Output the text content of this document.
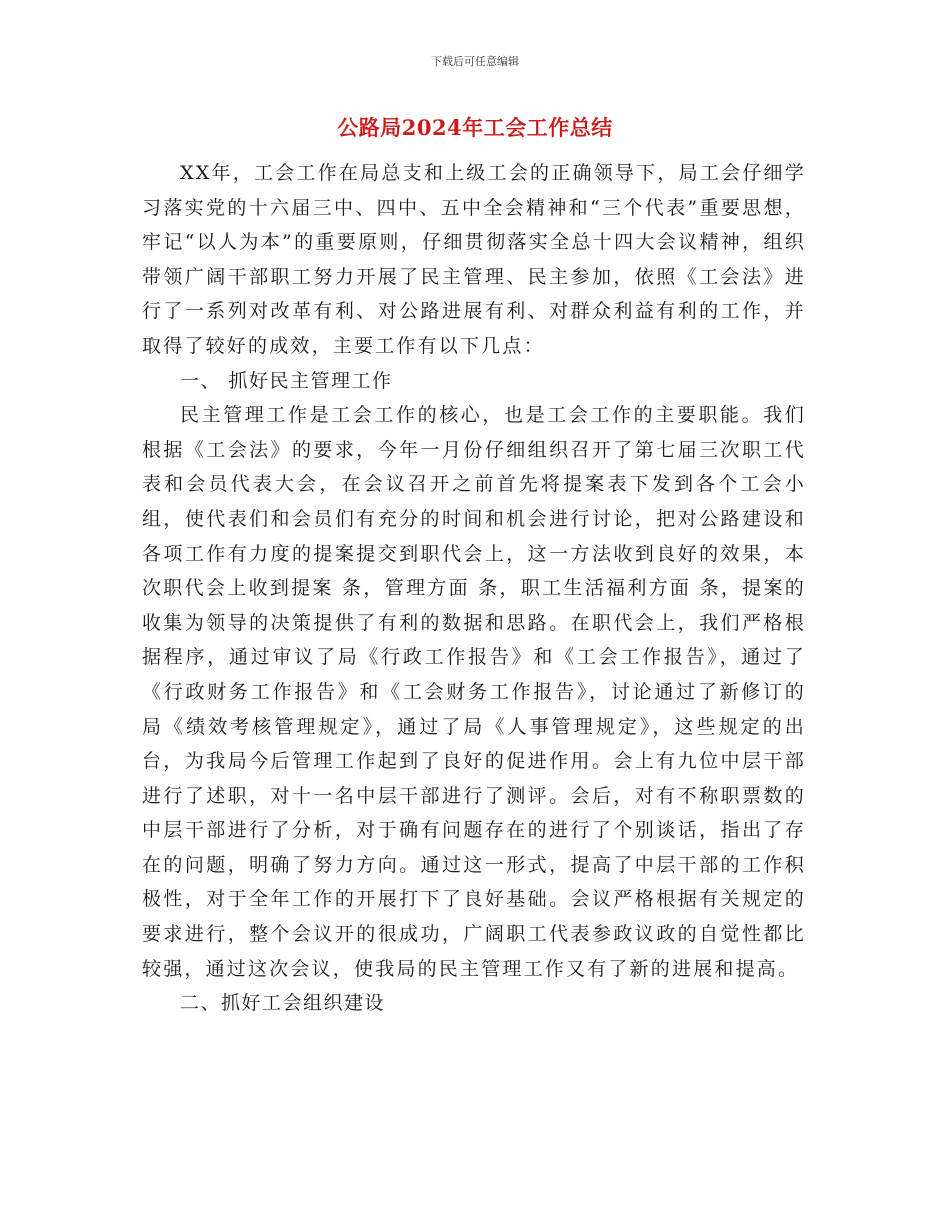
下载后可任意编辑
公路局2024年工会工作总结

XX年，工会工作在局总支和上级工会的正确领导下，局工会仔细学习落实党的十六届三中、四中、五中全会精神和“三个代表”重要思想，牢记“以人为本”的重要原则，仔细贯彻落实全总十四大会议精神，组织带领广阔干部职工努力开展了民主管理、民主参加，依照《工会法》进行了一系列对改革有利、对公路进展有利、对群众利益有利的工作，并取得了较好的成效，主要工作有以下几点：

一、 抓好民主管理工作

民主管理工作是工会工作的核心，也是工会工作的主要职能。我们根据《工会法》的要求，今年一月份仔细组织召开了第七届三次职工代表和会员代表大会，在会议召开之前首先将提案表下发到各个工会小组，使代表们和会员们有充分的时间和机会进行讨论，把对公路建设和各项工作有力度的提案提交到职代会上，这一方法收到良好的效果，本次职代会上收到提案 条，管理方面 条，职工生活福利方面 条，提案的收集为领导的决策提供了有利的数据和思路。在职代会上，我们严格根据程序，通过审议了局《行政工作报告》和《工会工作报告》，通过了《行政财务工作报告》和《工会财务工作报告》，讨论通过了新修订的局《绩效考核管理规定》，通过了局《人事管理规定》，这些规定的出台，为我局今后管理工作起到了良好的促进作用。会上有九位中层干部进行了述职，对十一名中层干部进行了测评。会后，对有不称职票数的中层干部进行了分析，对于确有问题存在的进行了个别谈话，指出了存在的问题，明确了努力方向。通过这一形式，提高了中层干部的工作积极性，对于全年工作的开展打下了良好基础。会议严格根据有关规定的要求进行，整个会议开的很成功，广阔职工代表参政议政的自觉性都比较强，通过这次会议，使我局的民主管理工作又有了新的进展和提高。

二、抓好工会组织建设
